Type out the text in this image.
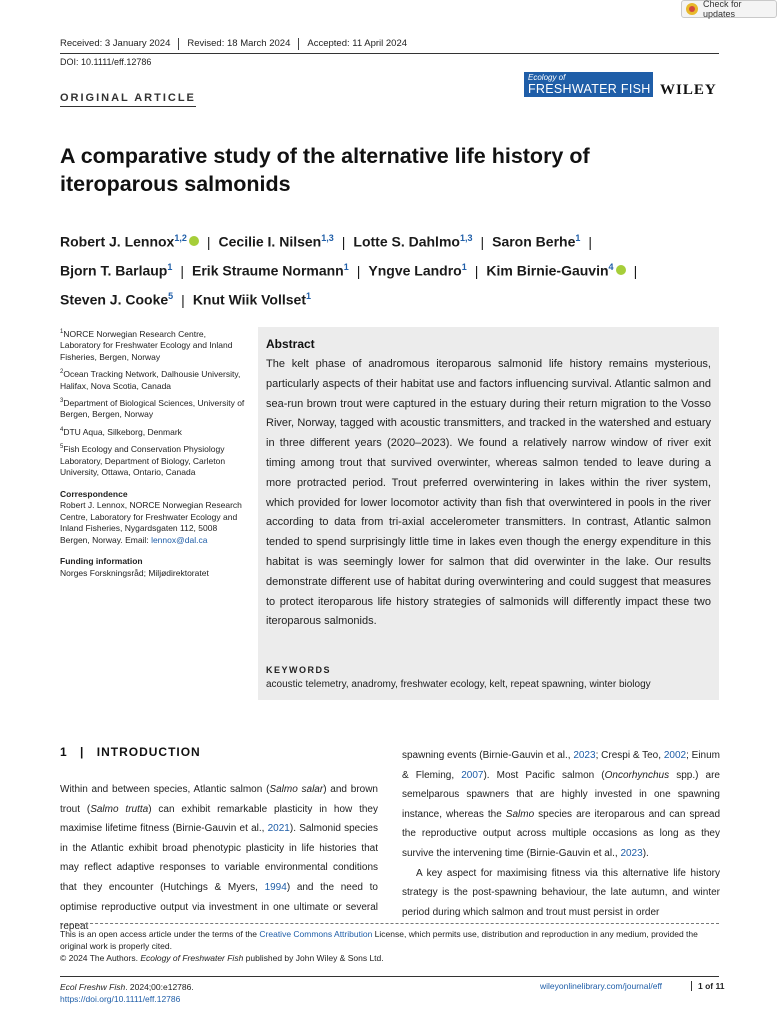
Check for updates
Received: 3 January 2024	Revised: 18 March 2024	Accepted: 11 April 2024
DOI: 10.1111/eff.12786
ORIGINAL ARTICLE
Ecology of
FRESHWATER FISH WILEY
A comparative study of the alternative life history of iteroparous salmonids
Robert J. Lennox$^{1,2}$ | Cecilie I. Nilsen$^{1,3}$ | Lotte S. Dahlmo$^{1,3}$ | Saron Berhe$^1$ |
Bjorn T. Barlaup$^1$ | Erik Straume Normann$^1$ | Yngve Landro$^1$ | Kim Birnie-Gauvin$^4$ |
Steven J. Cooke$^5$ | Knut Wiik Vollset$^1$

$^1$NORCE Norwegian Research Centre, Laboratory for Freshwater Ecology and Inland Fisheries, Bergen, Norway

$^2$Ocean Tracking Network, Dalhousie University, Halifax, Nova Scotia, Canada

$^3$Department of Biological Sciences, University of Bergen, Bergen, Norway

$^4$DTU Aqua, Silkeborg, Denmark

$^5$Fish Ecology and Conservation Physiology Laboratory, Department of Biology, Carleton University, Ottawa, Ontario, Canada

Correspondence
Robert J. Lennox, NORCE Norwegian Research Centre, Laboratory for Freshwater Ecology and Inland Fisheries, Nygardsgaten 112, 5008 Bergen, Norway. Email: lennox@dal.ca
Funding information
Norges Forskningsråd; Miljødirektoratet
Abstract
The kelt phase of anadromous iteroparous salmonid life history remains mysterious, particularly aspects of their habitat use and factors influencing survival. Atlantic salmon and sea-run brown trout were captured in the estuary during their return migration to the Vosso River, Norway, tagged with acoustic transmitters, and tracked in the watershed and estuary in three different years (2020–2023). We found a relatively narrow window of river exit timing among trout that survived overwinter, whereas salmon tended to leave during a more protracted period. Trout preferred overwintering in lakes within the river system, which provided for lower locomotor activity than fish that overwintered in pools in the river according to data from tri-axial accelerometer transmitters. In contrast, Atlantic salmon tended to spend surprisingly little time in lakes even though the energy expenditure in this habitat is was seemingly lower for salmon that did overwinter in the lake. Our results demonstrate different use of habitat during overwintering and could suggest that measures to protect iteroparous life history strategies of salmonids will differently impact these two iteroparous salmonids.
KEYWORDS
acoustic telemetry, anadromy, freshwater ecology, kelt, repeat spawning, winter biology
1 | INTRODUCTION

Within and between species, Atlantic salmon (Salmo salar) and brown trout (Salmo trutta) can exhibit remarkable plasticity in how they maximise lifetime fitness (Birnie-Gauvin et al., 2021). Salmonid species in the Atlantic exhibit broad phenotypic plasticity in life histories that may reflect adaptive responses to variable environmental conditions that they encounter (Hutchings & Myers, 1994) and the need to optimise reproductive output via investment in one ultimate or several repeat

spawning events (Birnie-Gauvin et al., 2023; Crespi & Teo, 2002; Einum & Fleming, 2007). Most Pacific salmon (Oncorhynchus spp.) are semelparous spawners that are highly invested in one spawning instance, whereas the Salmo species are iteroparous and can spread the reproductive output across multiple occasions as long as they survive the intervening time (Birnie-Gauvin et al., 2023).

A key aspect for maximising fitness via this alternative life history strategy is the post-spawning behaviour, the late autumn, and winter period during which salmon and trout must persist in order

This is an open access article under the terms of the Creative Commons Attribution License, which permits use, distribution and reproduction in any medium, provided the original work is properly cited.
© 2024 The Authors. Ecology of Freshwater Fish published by John Wiley & Sons Ltd.
Ecol Freshw Fish. 2024;00:e12786.
https://doi.org/10.1111/eff.12786
wileyonlinelibrary.com/journal/eff	1 of 11
